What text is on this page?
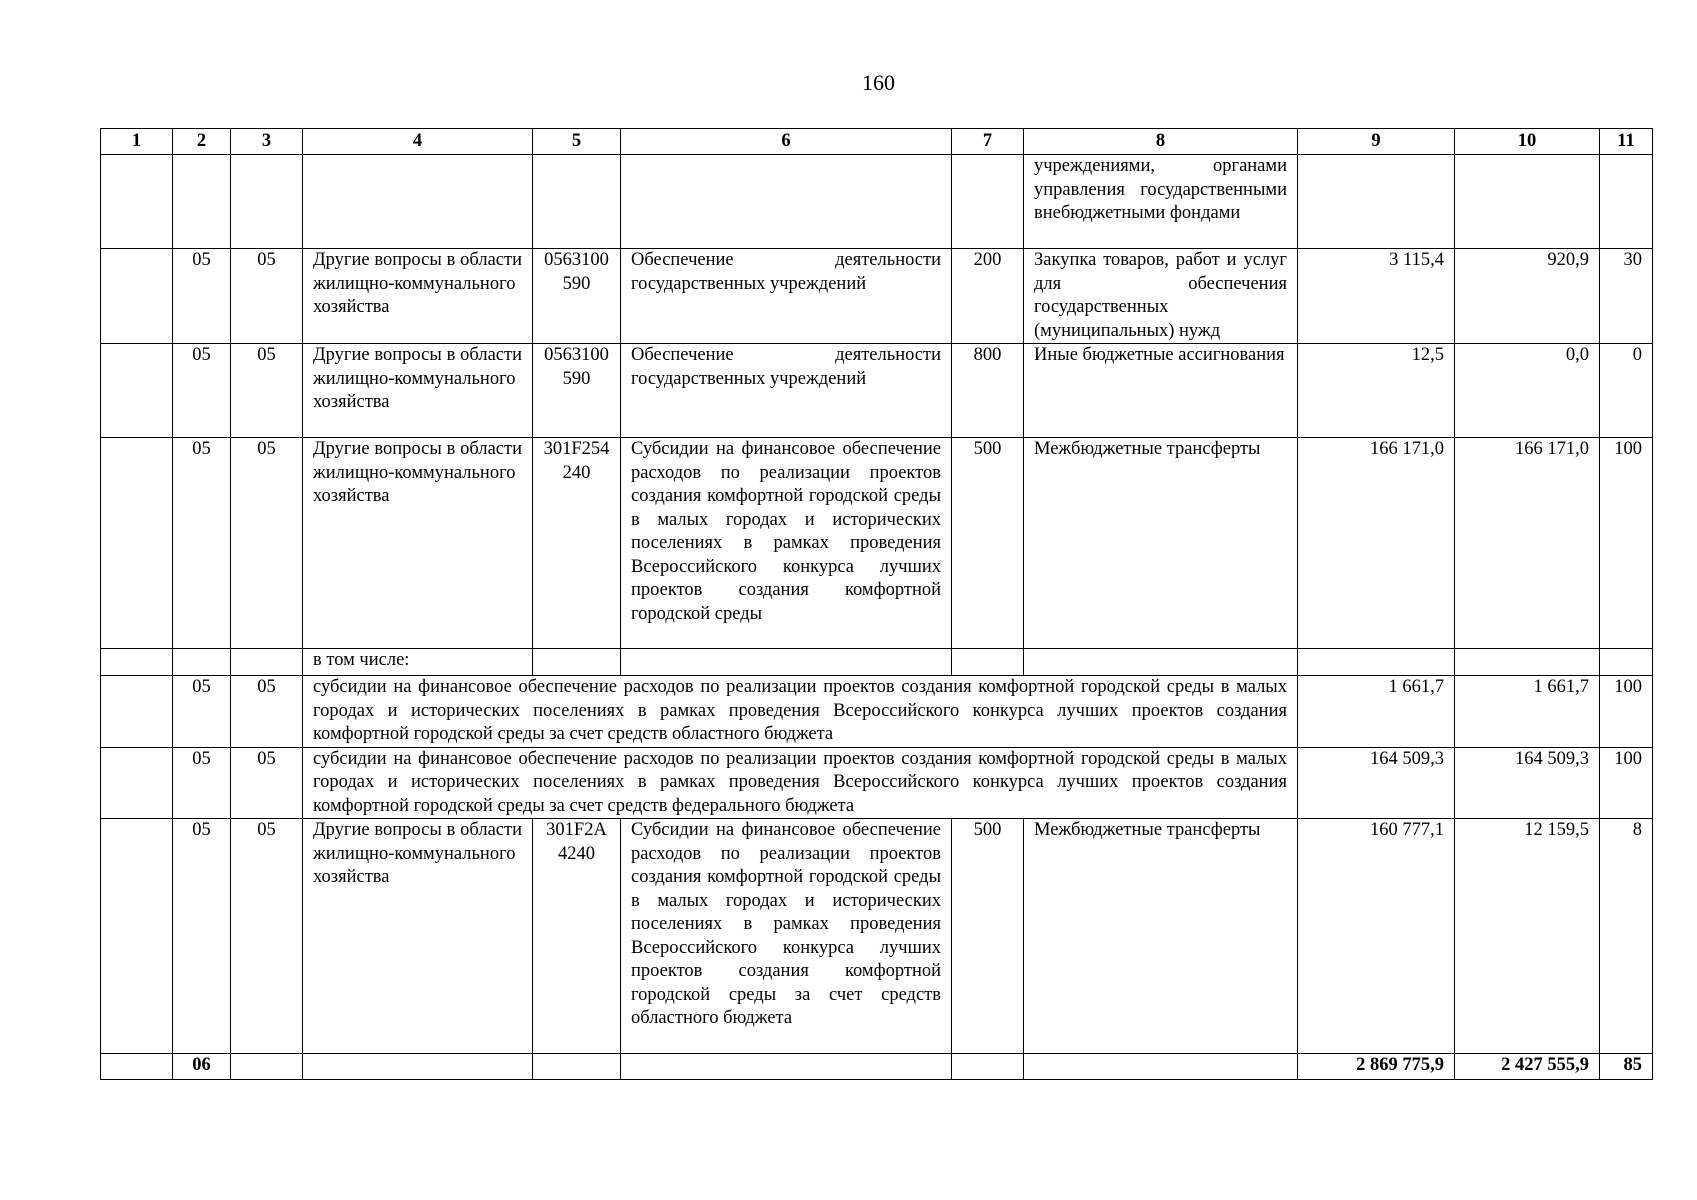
160
1	2	3	4	5	6	7	8	9	10	11
							учреждениями, органами управления государственными внебюджетными фондами			
	05	05	Другие вопросы в области жилищно-коммунального хозяйства	0563100590	Обеспечение деятельности государственных учреждений	200	Закупка товаров, работ и услуг для обеспечения государственных (муниципальных) нужд	3 115,4	920,9	30
	05	05	Другие вопросы в области жилищно-коммунального хозяйства	0563100590	Обеспечение деятельности государственных учреждений	800	Иные бюджетные ассигнования	12,5	0,0	0
	05	05	Другие вопросы в области жилищно-коммунального хозяйства	301F254240	Субсидии на финансовое обеспечение расходов по реализации проектов создания комфортной городской среды в малых городах и исторических поселениях в рамках проведения Всероссийского конкурса лучших проектов создания комфортной городской среды	500	Межбюджетные трансферты	166 171,0	166 171,0	100
			в том числе:							
	05	05	субсидии на финансовое обеспечение расходов по реализации проектов создания комфортной городской среды в малых городах и исторических поселениях в рамках проведения Всероссийского конкурса лучших проектов создания комфортной городской среды за счет средств областного бюджета					1 661,7	1 661,7	100
	05	05	субсидии на финансовое обеспечение расходов по реализации проектов создания комфортной городской среды в малых городах и исторических поселениях в рамках проведения Всероссийского конкурса лучших проектов создания комфортной городской среды за счет средств федерального бюджета					164 509,3	164 509,3	100
	05	05	Другие вопросы в области жилищно-коммунального хозяйства	301F2A4240	Субсидии на финансовое обеспечение расходов по реализации проектов создания комфортной городской среды в малых городах и исторических поселениях в рамках проведения Всероссийского конкурса лучших проектов создания комфортной городской среды за счет средств областного бюджета	500	Межбюджетные трансферты	160 777,1	12 159,5	8
	06							2 869 775,9	2 427 555,9	85
